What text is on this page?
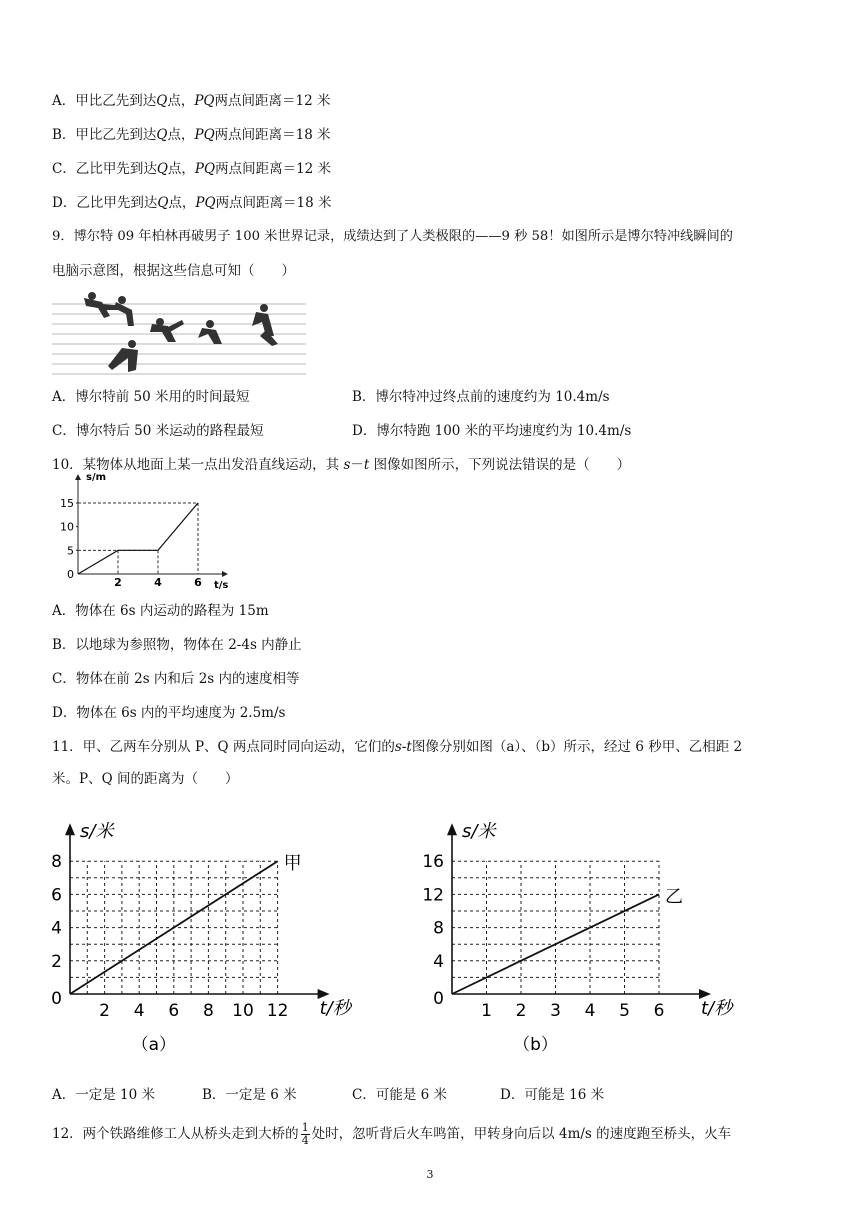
A．甲比乙先到达Q点，PQ两点间距离＝12 米
B．甲比乙先到达Q点，PQ两点间距离＝18 米
C．乙比甲先到达Q点，PQ两点间距离＝12 米
D．乙比甲先到达Q点，PQ两点间距离＝18 米
9．博尔特 09 年柏林再破男子 100 米世界记录，成绩达到了人类极限的——9 秒 58！如图所示是博尔特冲线瞬间的
电脑示意图，根据这些信息可知（　　）
A．博尔特前 50 米用的时间最短	B．博尔特冲过终点前的速度约为 10.4m/s
C．博尔特后 50 米运动的路程最短	D．博尔特跑 100 米的平均速度约为 10.4m/s
10．某物体从地面上某一点出发沿直线运动，其 s－t 图像如图所示，下列说法错误的是（　　）
s/m
t/s
0
5
10
15
2	4	6
A．物体在 6s 内运动的路程为 15m
B．以地球为参照物，物体在 2-4s 内静止
C．物体在前 2s 内和后 2s 内的速度相等
D．物体在 6s 内的平均速度为 2.5m/s
11．甲、乙两车分别从 P、Q 两点同时同向运动，它们的s-t图像分别如图（a）、（b）所示，经过 6 秒甲、乙相距 2
米。P、Q 间的距离为（　　）
s/米
t/秒
0
2 4 6 8 10 12
2
4
6
8	甲
（a）
s/米
t/秒
0
1 2 3 4 5 6
4
8
12
16
乙
（b）
A．一定是 10 米	B．一定是 6 米	C．可能是 6 米	D．可能是 16 米
12．两个铁路维修工人从桥头走到大桥的 $\frac{1}{4}$ 处时，忽听背后火车鸣笛，甲转身向后以 4m/s 的速度跑至桥头，火车
3
